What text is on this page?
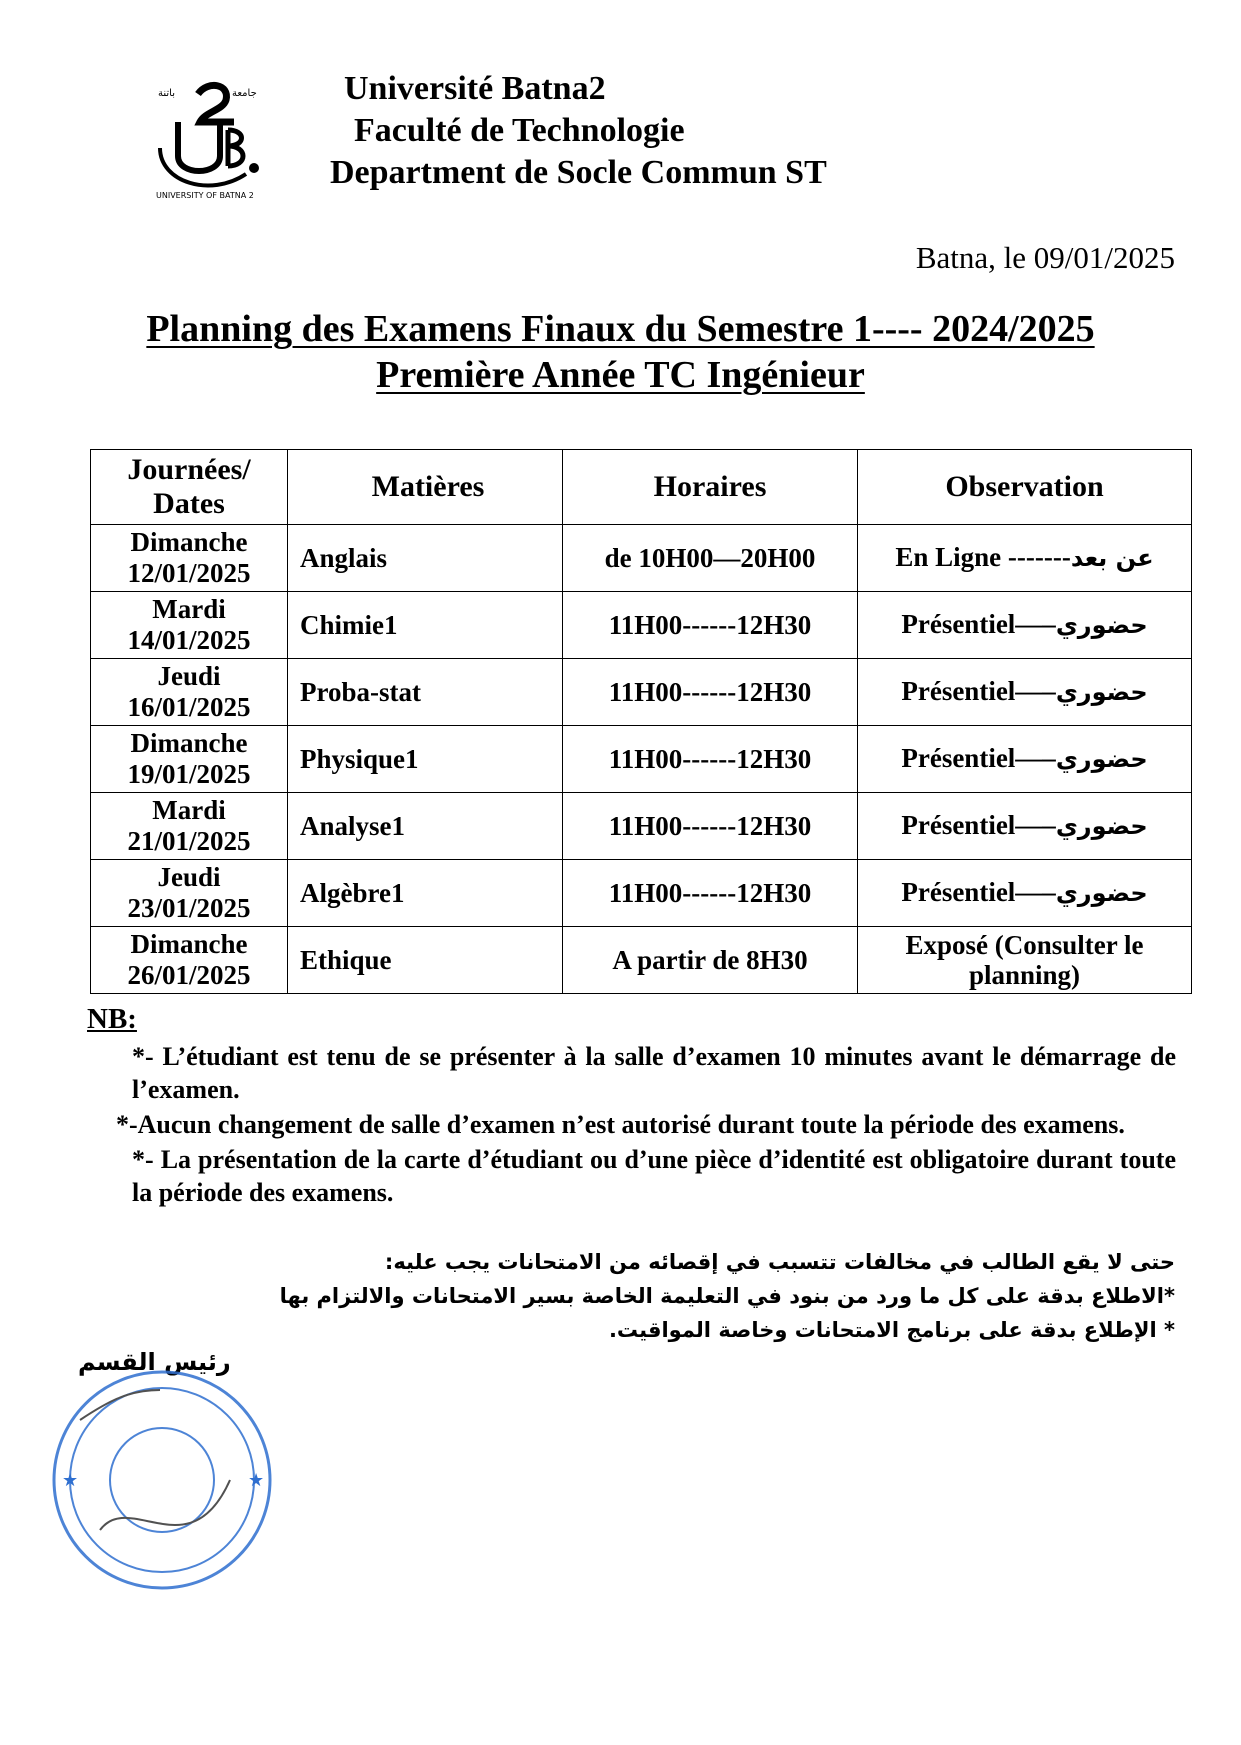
باتنة	جامعة
UNIVERSITY OF BATNA 2
Université Batna2
Faculté de Technologie
Department de Socle Commun ST
Batna, le 09/01/2025
Planning des Examens Finaux du Semestre 1---- 2024/2025
Première Année TC Ingénieur
Journées/
Dates	Matières	Horaires	Observation

Dimanche
12/01/2025	Anglais	de 10H00—20H00	En Ligne -------عن بعد

Mardi
14/01/2025	Chimie1	11H00------12H30	Présentiel—–حضوري

Jeudi
16/01/2025	Proba-stat	11H00------12H30	Présentiel—–حضوري

Dimanche
19/01/2025	Physique1	11H00------12H30	Présentiel—–حضوري

Mardi
21/01/2025	Analyse1	11H00------12H30	Présentiel—–حضوري

Jeudi
23/01/2025	Algèbre1	11H00------12H30	Présentiel—–حضوري

Dimanche
26/01/2025	Ethique	A partir de 8H30	Exposé (Consulter le planning)
NB:

*- L’étudiant est tenu de se présenter à la salle d’examen 10 minutes avant le démarrage de l’examen.

*-Aucun changement de salle d’examen n’est autorisé durant toute la période des examens.

*- La présentation de la carte d’étudiant ou d’une pièce d’identité est obligatoire durant toute la période des examens.

حتى لا يقع الطالب في مخالفات تتسبب في إقصائه من الامتحانات يجب عليه:

*الاطلاع بدقة على كل ما ورد من بنود في التعليمة الخاصة بسير الامتحانات والالتزام بها

* الإطلاع بدقة على برنامج الامتحانات وخاصة المواقيت.

رئيس القسم
★	★
